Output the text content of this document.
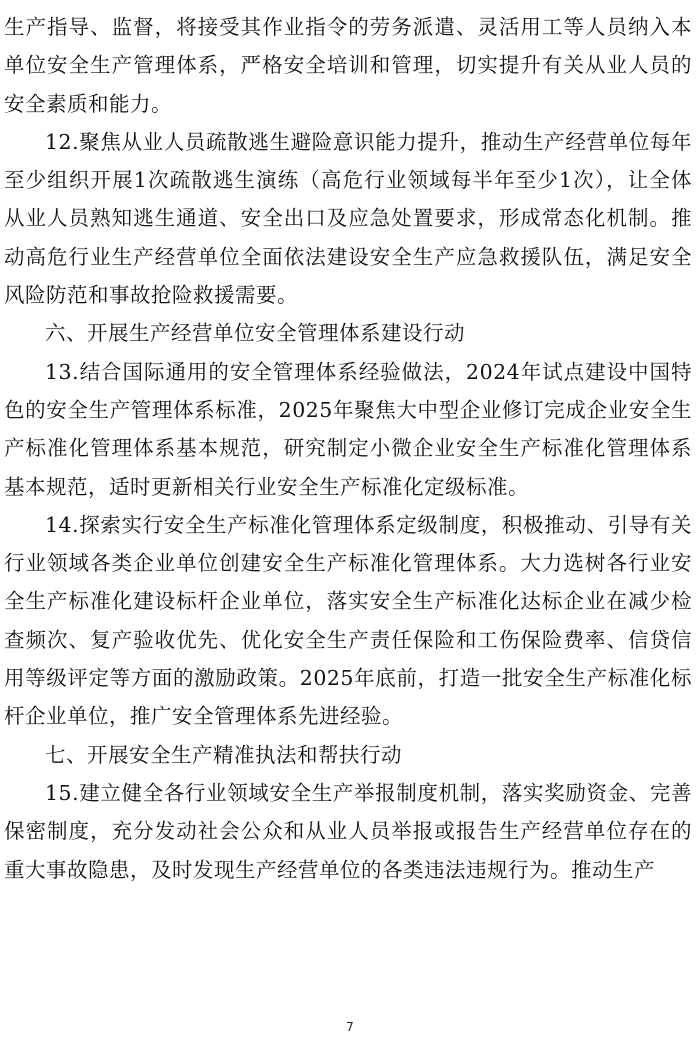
生产指导、监督，将接受其作业指令的劳务派遣、灵活用工等人员纳入本单位安全生产管理体系，严格安全培训和管理，切实提升有关从业人员的安全素质和能力。

12.聚焦从业人员疏散逃生避险意识能力提升，推动生产经营单位每年至少组织开展1次疏散逃生演练（高危行业领域每半年至少1次），让全体从业人员熟知逃生通道、安全出口及应急处置要求，形成常态化机制。推动高危行业生产经营单位全面依法建设安全生产应急救援队伍，满足安全风险防范和事故抢险救援需要。

六、开展生产经营单位安全管理体系建设行动

13.结合国际通用的安全管理体系经验做法，2024年试点建设中国特色的安全生产管理体系标准，2025年聚焦大中型企业修订完成企业安全生产标准化管理体系基本规范，研究制定小微企业安全生产标准化管理体系基本规范，适时更新相关行业安全生产标准化定级标准。

14.探索实行安全生产标准化管理体系定级制度，积极推动、引导有关行业领域各类企业单位创建安全生产标准化管理体系。大力选树各行业安全生产标准化建设标杆企业单位，落实安全生产标准化达标企业在减少检查频次、复产验收优先、优化安全生产责任保险和工伤保险费率、信贷信用等级评定等方面的激励政策。2025年底前，打造一批安全生产标准化标杆企业单位，推广安全管理体系先进经验。

七、开展安全生产精准执法和帮扶行动

15.建立健全各行业领域安全生产举报制度机制，落实奖励资金、完善保密制度，充分发动社会公众和从业人员举报或报告生产经营单位存在的重大事故隐患，及时发现生产经营单位的各类违法违规行为。推动生产

7
